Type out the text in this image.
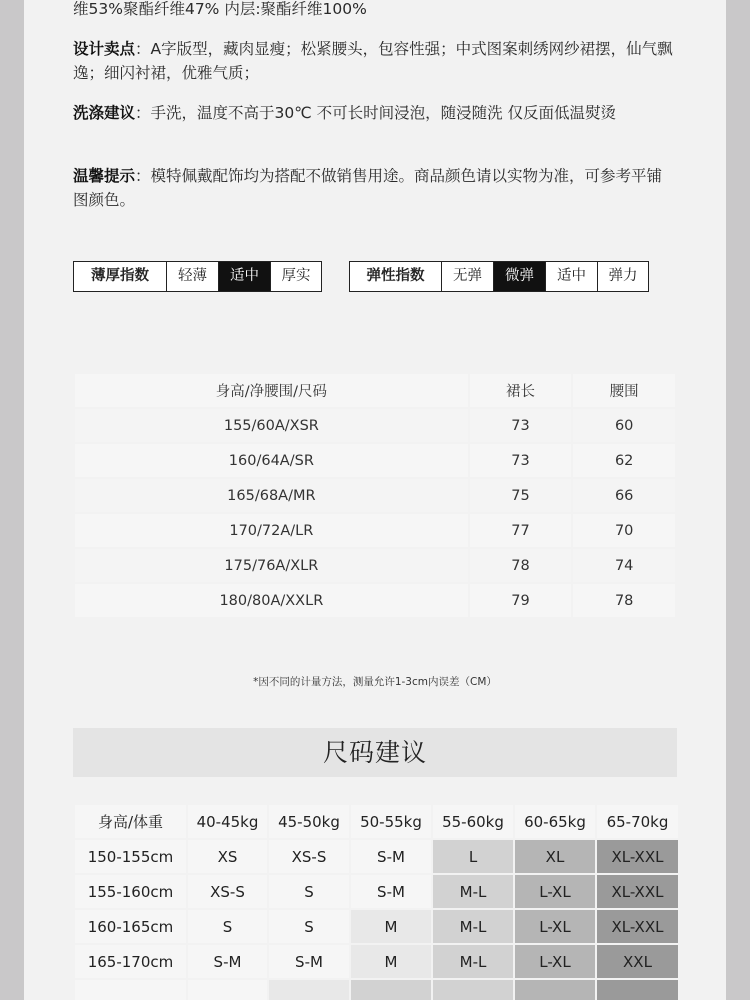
维53%聚酯纤维47% 内层:聚酯纤维100%
设计卖点：A字版型，藏肉显瘦；松紧腰头，包容性强；中式图案刺绣网纱裙摆，仙气飘逸；细闪衬裙，优雅气质；
洗涤建议：手洗，温度不高于30℃ 不可长时间浸泡，随浸随洗 仅反面低温熨烫
温馨提示：模特佩戴配饰均为搭配不做销售用途。商品颜色请以实物为准，可参考平铺图颜色。
薄厚指数	轻薄	适中	厚实	弹性指数	无弹	微弹	适中	弹力
身高/净腰围/尺码	裙长	腰围
155/60A/XSR	73	60
160/64A/SR	73	62
165/68A/MR	75	66
170/72A/LR	77	70
175/76A/XLR	78	74
180/80A/XXLR	79	78
*因不同的计量方法，测量允许1-3cm内误差（CM）
尺码建议
身高/体重	40-45kg	45-50kg	50-55kg	55-60kg	60-65kg	65-70kg
150-155cm	XS	XS-S	S-M	L	XL	XL-XXL
155-160cm	XS-S	S	S-M	M-L	L-XL	XL-XXL
160-165cm	S	S	M	M-L	L-XL	XL-XXL
165-170cm	S-M	S-M	M	M-L	L-XL	XXL
